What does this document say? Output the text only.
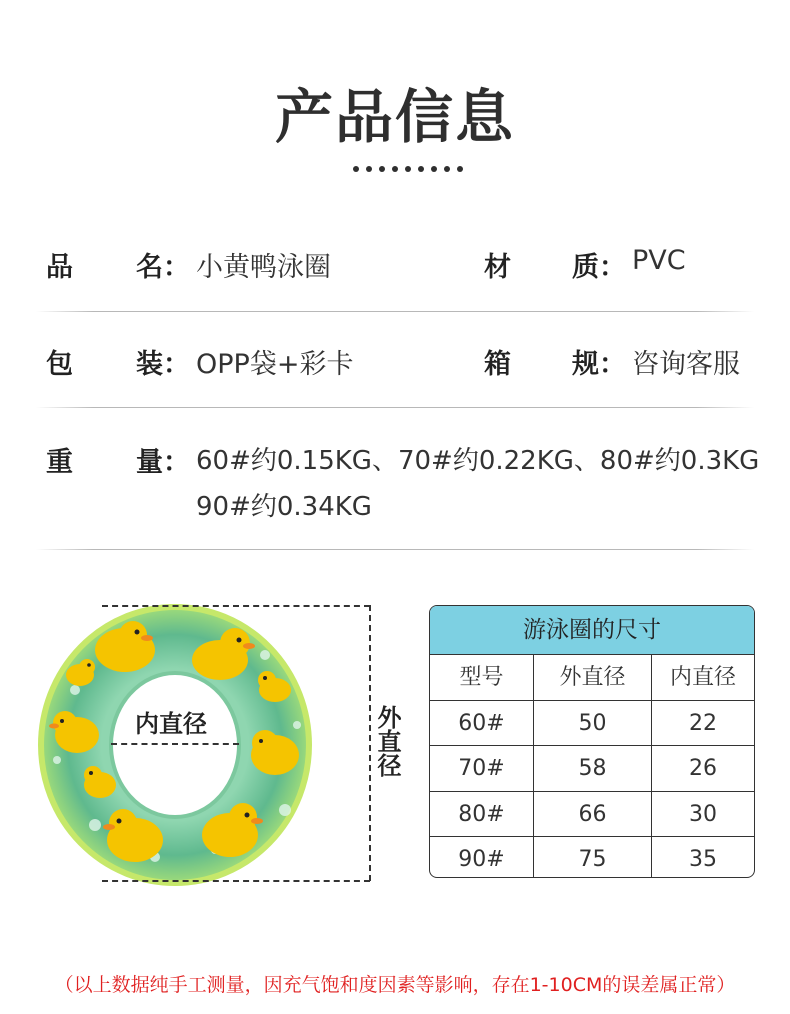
产品信息
品 名： 小黄鸭泳圈	材 质： PVC
包 装： OPP袋+彩卡	箱 规： 咨询客服
重 量： 60#约0.15KG、70#约0.22KG、80#约0.3KG
90#约0.34KG
内直径	外直径
游泳圈的尺寸
型号	外直径	内直径
60#	50	22
70#	58	26
80#	66	30
90#	75	35
（以上数据纯手工测量，因充气饱和度因素等影响，存在1-10CM的误差属正常）
